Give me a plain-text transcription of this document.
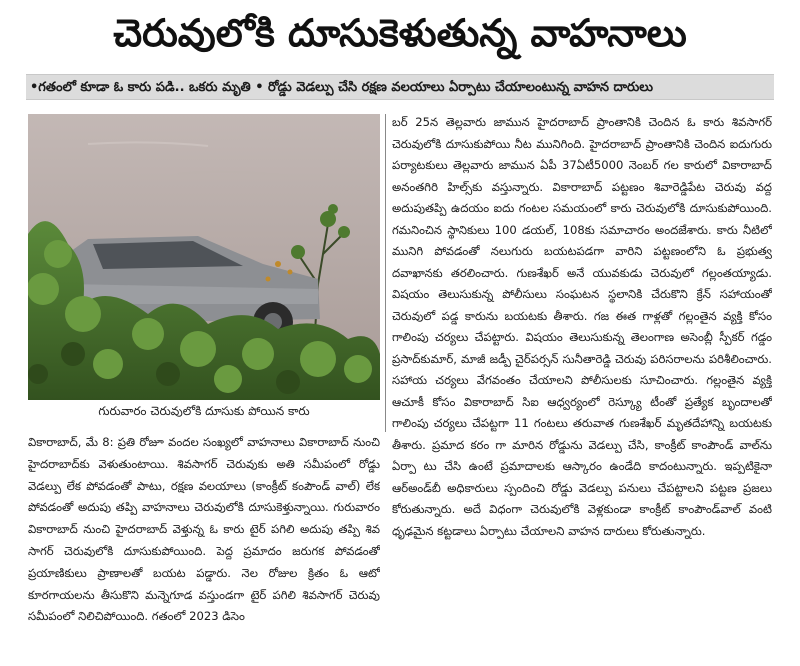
చెరువులోకి దూసుకెళుతున్న వాహనాలు
•గతంలో కూడా ఓ కారు పడి.. ఒకరు మృతి • రోడ్డు వెడల్పు చేసి రక్షణ వలయాలు ఏర్పాటు చేయాలంటున్న వాహన దారులు
గురువారం చెరువులోకి దూసుకు పోయిన కారు

బర్ 25న తెల్లవారు జామున హైదరాబాద్ ప్రాంతానికి చెందిన ఓ కారు శివసాగర్ చెరువులోకి దూసుకుపోయి నీట మునిగింది. హైదరాబాద్ ప్రాంతానికి చెందిన ఐదుగురు పర్యాటకులు తెల్లవారు జామున ఏపీ 37ఏటీ5000 నెంబర్ గల కారులో వికారాబాద్ అనంతగిరి హిల్స్‌కు వస్తున్నారు. వికారాబాద్ పట్టణం శివారెడ్డిపేట చెరువు వద్ద అదుపుతప్పి ఉదయం ఐదు గంటల సమయంలో కారు చెరువులోకి దూసుకుపోయింది. గమనించిన స్థానికులు 100 డయల్, 108కు సమాచారం అందజేశారు. కారు నీటిలో మునిగి పోవడంతో నలుగురు బయటపడగా వారిని పట్టణంలోని ఓ ప్రభుత్వ దవాఖానకు తరలించారు. గుణశేఖర్ అనే యువకుడు చెరువులో గల్లంతయ్యాడు. విషయం తెలుసుకున్న పోలీసులు సంఘటన స్థలానికి చేరుకొని క్రేన్ సహాయంతో చెరువులో పడ్డ కారును బయటకు తీశారు. గజ ఈత గాళ్లతో గల్లంతైన వ్యక్తి కోసం గాలింపు చర్యలు చేపట్టారు. విషయం తెలుసుకున్న తెలంగాణ అసెంబ్లీ స్పీకర్ గడ్డం ప్రసాద్‌కుమార్, మాజీ జడ్పీ చైర్‌పర్సన్ సునీతారెడ్డి చెరువు పరిసరాలను పరిశీలించారు. సహాయ చర్యలు వేగవంతం చేయాలని పోలీసులకు సూచించారు. గల్లంతైన వ్యక్తి ఆచూకీ కోసం వికారాబాద్ సిఐ ఆధ్వర్యంలో రెస్క్యూ టీంతో ప్రత్యేక బృందాలతో గాలింపు చర్యలు చేపట్టగా 11 గంటలు తరువాత గుణశేఖర్ మృతదేహాన్ని బయటకు తీశారు. ప్రమాద కరం గా మారిన రోడ్డును వెడల్పు చేసి, కాంక్రీట్ కాంపౌండ్ వాల్‌ను ఏర్పా టు చేసి ఉంటే ప్రమాదాలకు ఆస్కారం ఉండేది కాదంటున్నారు. ఇప్పటికైనా ఆర్‌అండ్‌బీ అధికారులు స్పందించి రోడ్డు వెడల్పు పనులు చేపట్టాలని పట్టణ ప్రజలు కోరుతున్నారు. అదే విధంగా చెరువులోకి వెళ్లకుండా కాంక్రీట్ కాంపౌండ్‌వాల్ వంటి ధృఢమైన కట్టడాలు ఏర్పాటు చేయాలని వాహన దారులు కోరుతున్నారు.

వికారాబాద్, మే 8: ప్రతి రోజూ వందల సంఖ్యలో వాహనాలు వికారాబాద్ నుంచి హైదరాబాద్‌కు వెళుతుంటాయి. శివసాగర్ చెరువుకు అతి సమీపంలో రోడ్డు వెడల్పు లేక పోవడంతో పాటు, రక్షణ వలయాలు (కాంక్రీట్ కంపౌండ్ వాల్) లేక పోవడంతో అదుపు తప్పి వాహనాలు చెరువులోకి దూసుకెళ్తున్నాయి. గురువారం వికారాబాద్ నుంచి హైదరాబాద్ వెళ్తున్న ఓ కారు టైర్ పగిలి అదుపు తప్పి శివ సాగర్ చెరువులోకి దూసుకుపోయింది. పెద్ద ప్రమాదం జరుగక పోవడంతో ప్రయాణికులు ప్రాణాలతో బయట పడ్డారు. నెల రోజుల క్రితం ఓ ఆటో కూరగాయలను తీసుకొని మన్నెగూడ వస్తుండగా టైర్ పగిలి శివసాగర్ చెరువు సమీపంలో నిలిచిపోయింది. గతంలో 2023 డిసెం
